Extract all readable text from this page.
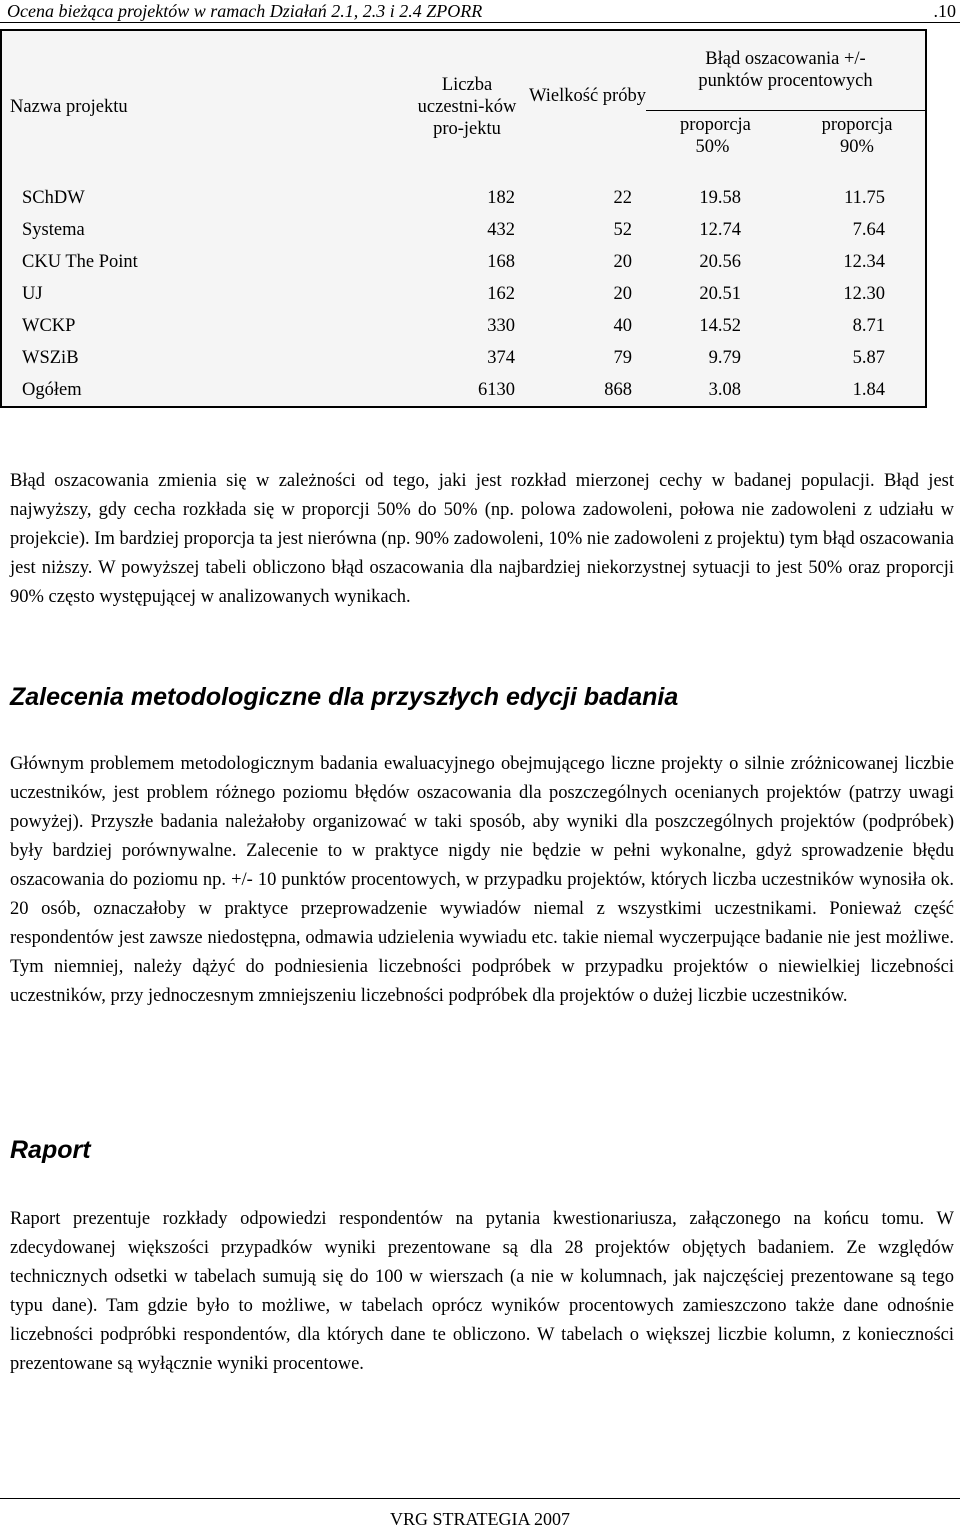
Ocena bieżąca projektów w ramach Działań 2.1, 2.3 i 2.4 ZPORR	.10
Nazwa projektu	Liczba uczestni-ków pro-jektu	Wielkość próby	Błąd oszacowania +/- punktów procentowych	
			proporcja 50%	proporcja 90%
SChDW	182	22	19.58	11.75
Systema	432	52	12.74	7.64
CKU The Point	168	20	20.56	12.34
UJ	162	20	20.51	12.30
WCKP	330	40	14.52	8.71
WSZiB	374	79	9.79	5.87
Ogółem	6130	868	3.08	1.84

Błąd oszacowania zmienia się w zależności od tego, jaki jest rozkład mierzonej cechy w badanej populacji. Błąd jest najwyższy, gdy cecha rozkłada się w proporcji 50% do 50% (np. polowa zadowoleni, połowa nie zadowoleni z udziału w projekcie). Im bardziej proporcja ta jest nierówna (np. 90% zadowoleni, 10% nie zadowoleni z projektu) tym błąd oszacowania jest niższy. W powyższej tabeli obliczono błąd oszacowania dla najbardziej niekorzystnej sytuacji to jest 50% oraz proporcji 90% często występującej w analizowanych wynikach.

Zalecenia metodologiczne dla przyszłych edycji badania

Głównym problemem metodologicznym badania ewaluacyjnego obejmującego liczne projekty o silnie zróżnicowanej liczbie uczestników, jest problem różnego poziomu błędów oszacowania dla poszczególnych ocenianych projektów (patrzy uwagi powyżej). Przyszłe badania należałoby organizować w taki sposób, aby wyniki dla poszczególnych projektów (podpróbek) były bardziej porównywalne. Zalecenie to w praktyce nigdy nie będzie w pełni wykonalne, gdyż sprowadzenie błędu oszacowania do poziomu np. +/- 10 punktów procentowych, w przypadku projektów, których liczba uczestników wynosiła ok. 20 osób, oznaczałoby w praktyce przeprowadzenie wywiadów niemal z wszystkimi uczestnikami. Ponieważ część respondentów jest zawsze niedostępna, odmawia udzielenia wywiadu etc. takie niemal wyczerpujące badanie nie jest możliwe. Tym niemniej, należy dążyć do podniesienia liczebności podpróbek w przypadku projektów o niewielkiej liczebności uczestników, przy jednoczesnym zmniejszeniu liczebności podpróbek dla projektów o dużej liczbie uczestników.

Raport

Raport prezentuje rozkłady odpowiedzi respondentów na pytania kwestionariusza, załączonego na końcu tomu. W zdecydowanej większości przypadków wyniki prezentowane są dla 28 projektów objętych badaniem. Ze względów technicznych odsetki w tabelach sumują się do 100 w wierszach (a nie w kolumnach, jak najczęściej prezentowane są tego typu dane). Tam gdzie było to możliwe, w tabelach oprócz wyników procentowych zamieszczono także dane odnośnie liczebności podpróbki respondentów, dla których dane te obliczono. W tabelach o większej liczbie kolumn, z konieczności prezentowane są wyłącznie wyniki procentowe.

VRG STRATEGIA 2007
